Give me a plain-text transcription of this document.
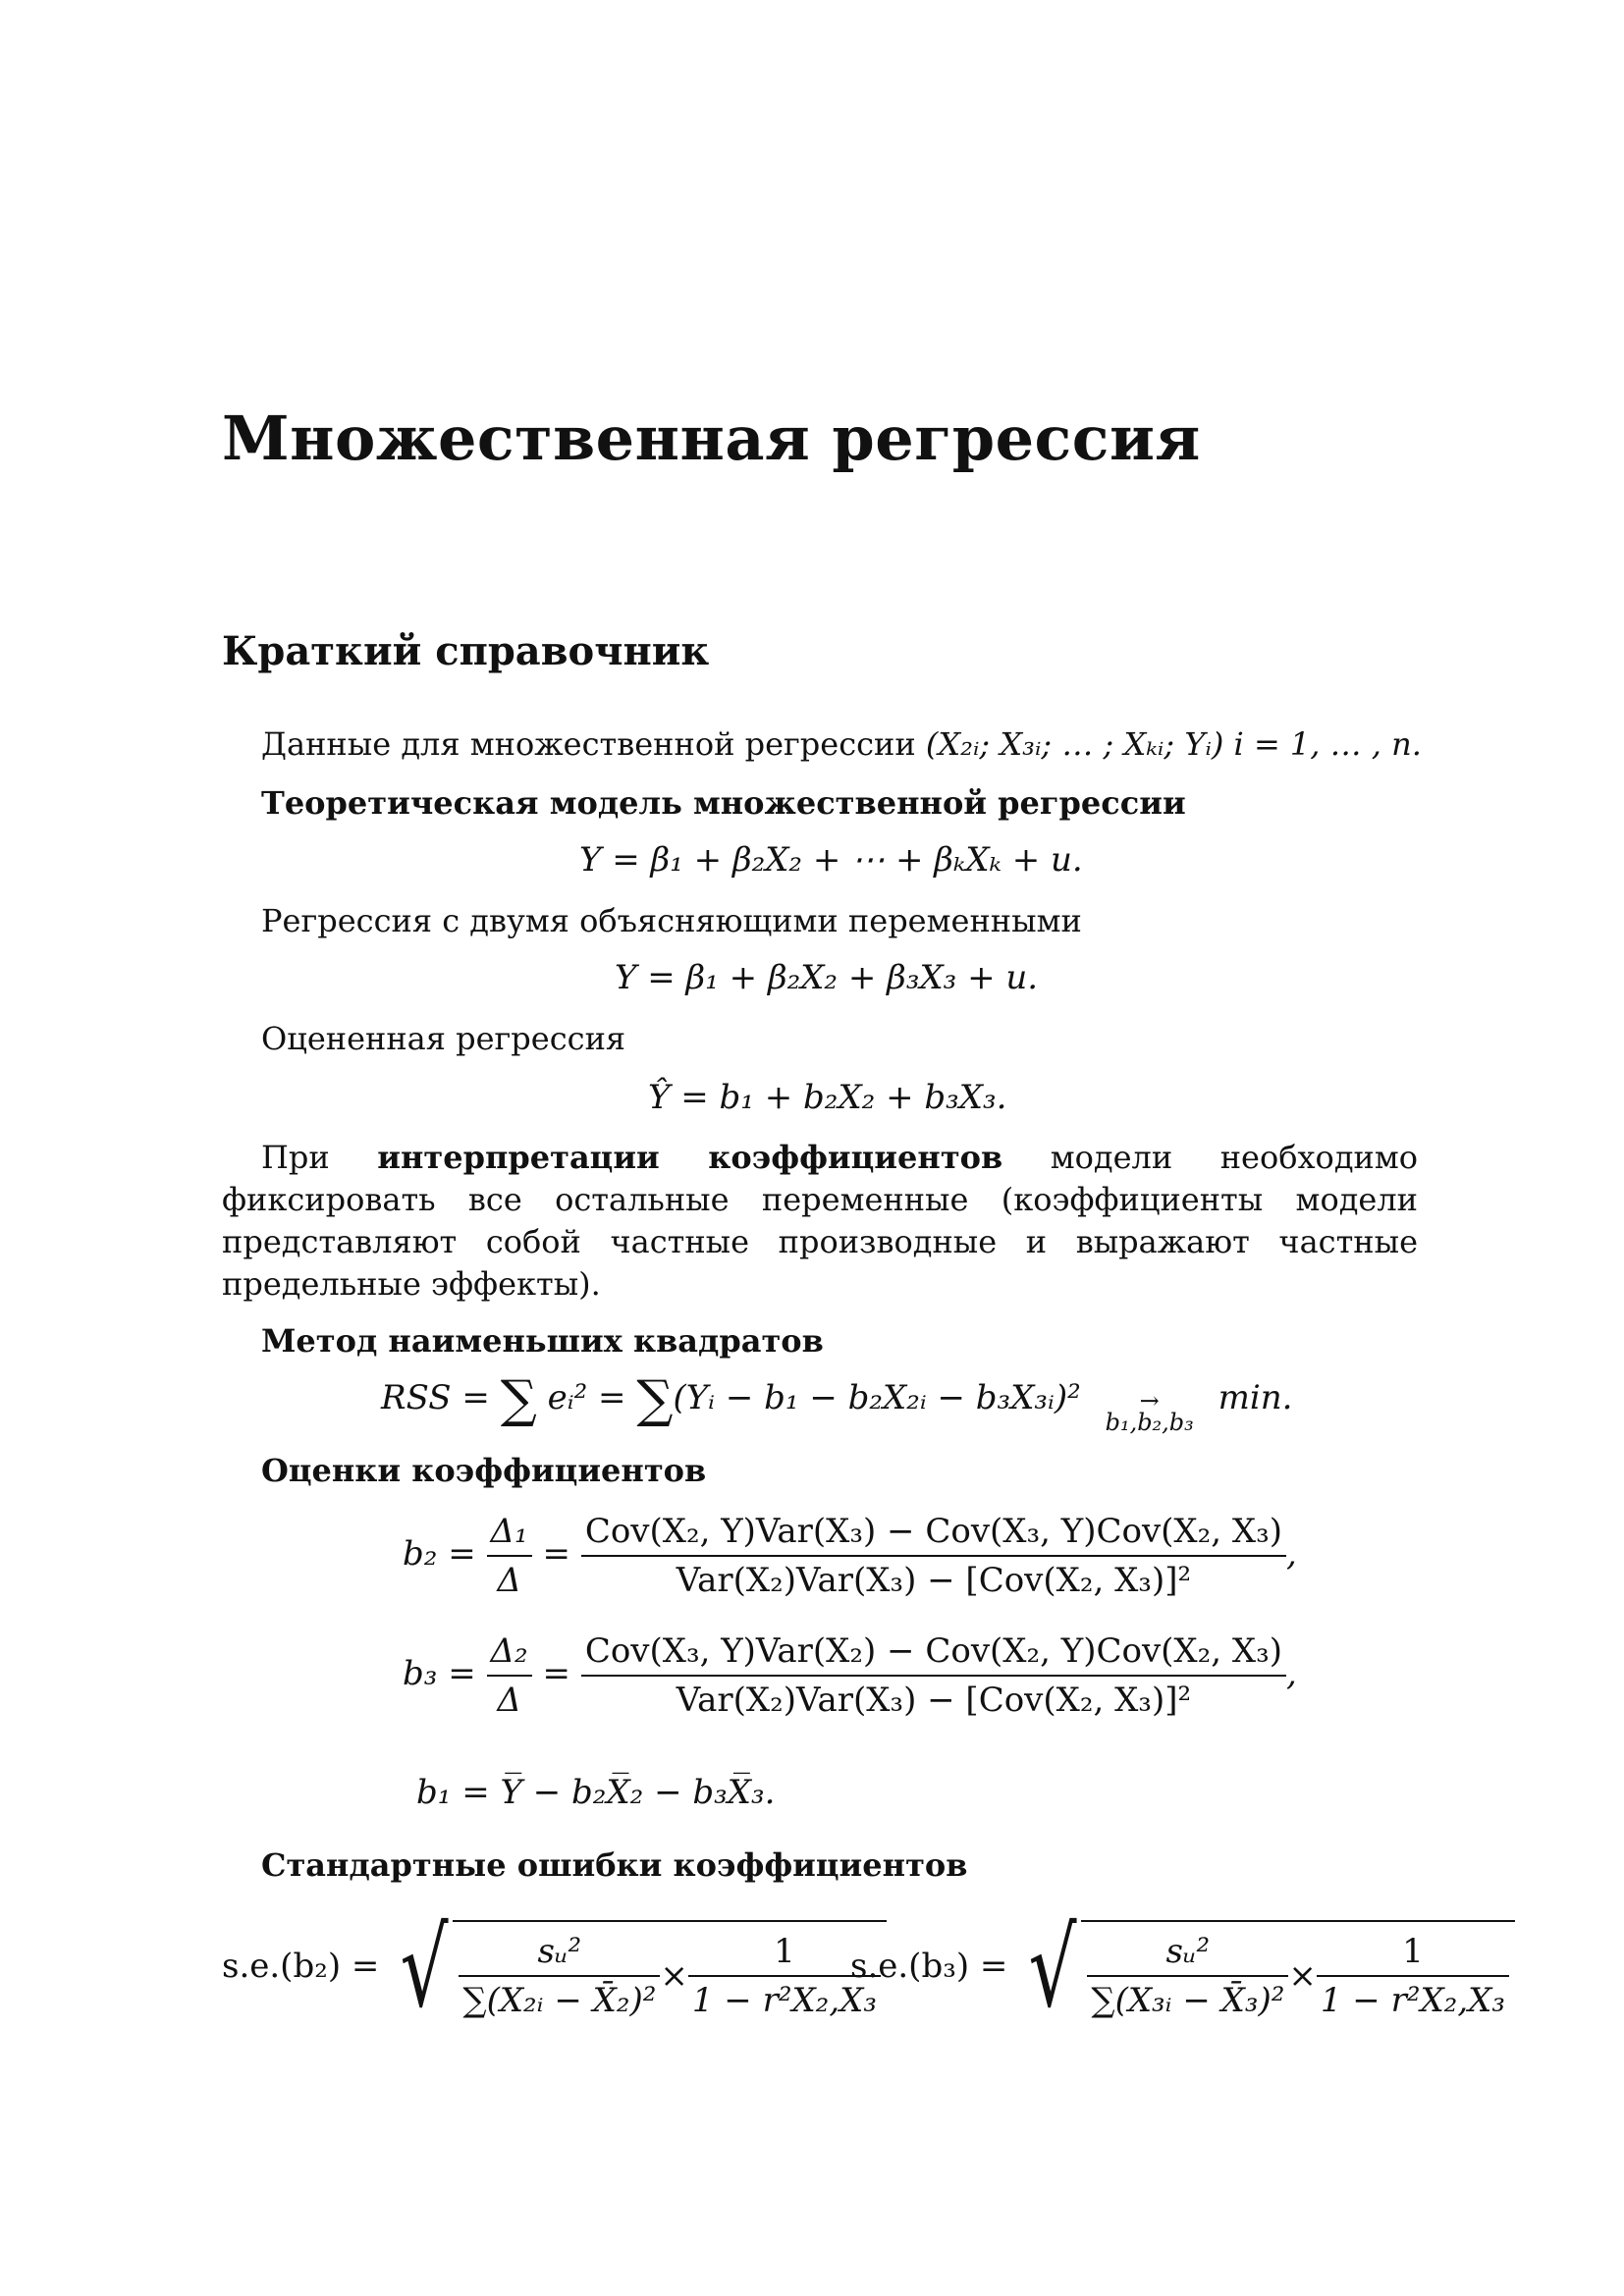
Множественная регрессия
Краткий справочник
Данные для множественной регрессии (X₂ᵢ; X₃ᵢ; … ; Xₖᵢ; Yᵢ) i = 1, … , n.
Теоретическая модель множественной регрессии
Y = β₁ + β₂X₂ + ⋯ + βₖXₖ + u.
Регрессия с двумя объясняющими переменными
Y = β₁ + β₂X₂ + β₃X₃ + u.
Оцененная регрессия
Ŷ = b₁ + b₂X₂ + b₃X₃.
При интерпретации коэффициентов модели необходимо фиксировать все остальные переменные (коэффициенты модели представляют собой частные производные и выражают частные предельные эффекты).
Метод наименьших квадратов
RSS = ∑ eᵢ² = ∑(Yᵢ − b₁ − b₂X₂ᵢ − b₃X₃ᵢ)²	→
b₁,b₂,b₃
min.
Оценки коэффициентов
$b_2 = \frac{\text{Δ₁}}{\Delta} = \frac{\text{Cov(X₂, Y)Var(X₃) − Cov(X₃, Y)Cov(X₂, X₃)}}{\text{Var(X₂)Var(X₃) − [Cov(X₂, X₃)]²}}$ ,
$b_3 = \frac{\text{Δ₂}}{\Delta} = \frac{\text{Cov(X₃, Y)Var(X₂) − Cov(X₂, Y)Cov(X₂, X₃)}}{\text{Var(X₂)Var(X₃) − [Cov(X₂, X₃)]²}}$ ,
b₁ = Y̅ − b₂X̅₂ − b₃X̅₃.
Стандартные ошибки коэффициентов
s.e.(b₂) = √ $\frac{\text{sᵤ²}}{\text{∑(X₂ᵢ − X̄₂)²}} \times \frac{1}{\text{1 − r²X₂,X₃}}$
s.e.(b₃) = √ $\frac{\text{sᵤ²}}{\text{∑(X₃ᵢ − X̄₃)²}} \times \frac{1}{\text{1 − r²X₂,X₃}}$
